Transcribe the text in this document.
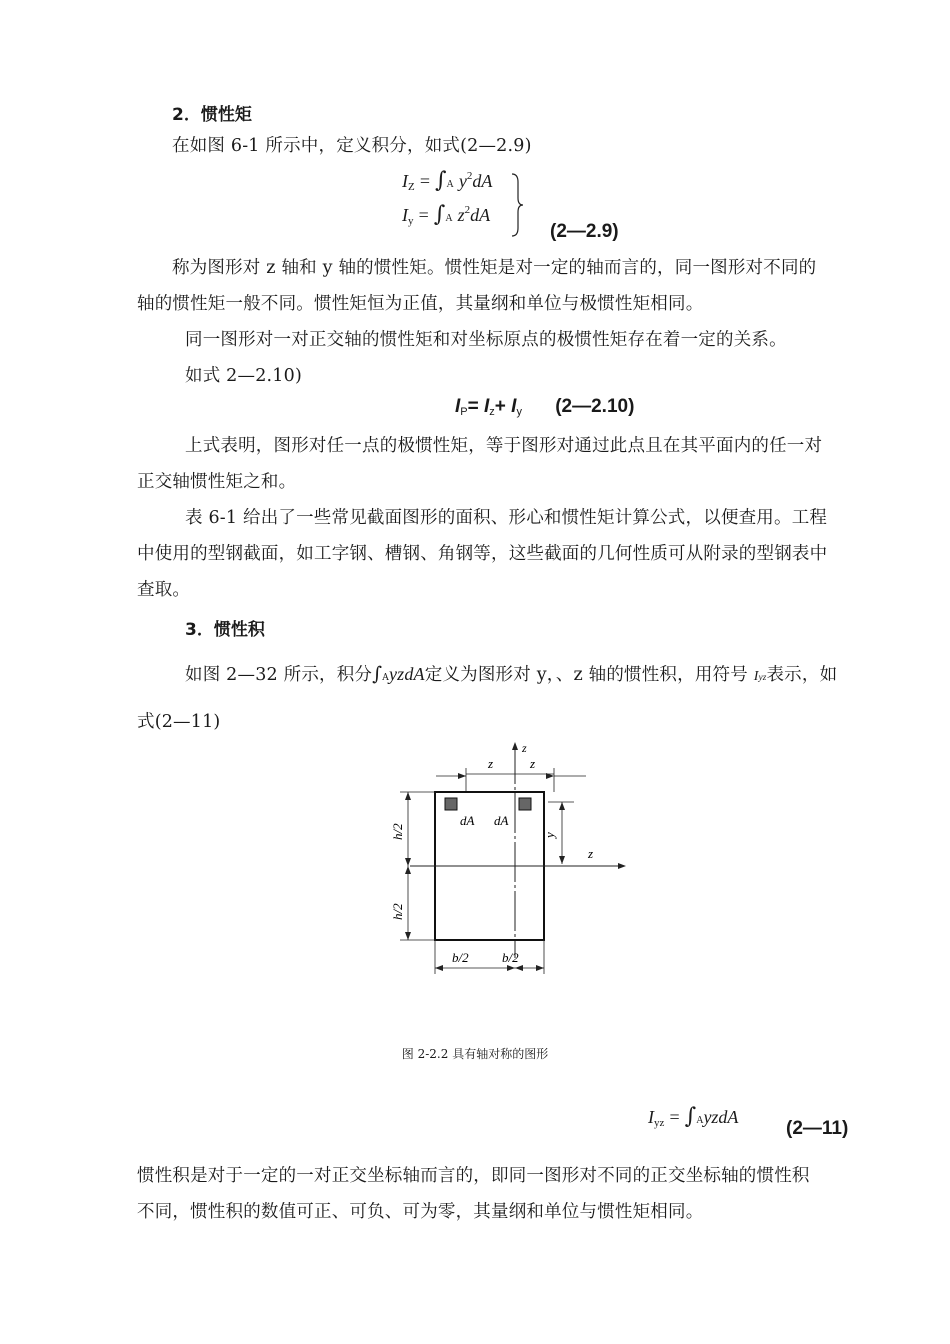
2．惯性矩
在如图 6-1 所示中，定义积分，如式(2—2.9)
$I_Z = \int A$ $y^2dA$
$I_y = \int A$ $z^2dA$
(2—2.9)
称为图形对 z 轴和 y 轴的惯性矩。惯性矩是对一定的轴而言的，同一图形对不同的
轴的惯性矩一般不同。惯性矩恒为正值，其量纲和单位与极惯性矩相同。
同一图形对一对正交轴的惯性矩和对坐标原点的极惯性矩存在着一定的关系。
如式 2—2.10)
IP= Iz+ Iy (2—2.10)
上式表明，图形对任一点的极惯性矩，等于图形对通过此点且在其平面内的任一对
正交轴惯性矩之和。
表 6-1 给出了一些常见截面图形的面积、形心和惯性矩计算公式，以便查用。工程
中使用的型钢截面，如工字钢、槽钢、角钢等，这些截面的几何性质可从附录的型钢表中
查取。
3．惯性积
如图 2—32 所示，积分∫AyzdA定义为图形对 y，、z 轴的惯性积，用符号 Iyz表示，如
式(2—11)
z
z	z
z
dA dA
y
h/2
h/2
b/2	b/2
图 2-2.2 具有轴对称的图形
$I_{yz}$ = ∫AyzdA
(2—11)
惯性积是对于一定的一对正交坐标轴而言的，即同一图形对不同的正交坐标轴的惯性积
不同，惯性积的数值可正、可负、可为零，其量纲和单位与惯性矩相同。
